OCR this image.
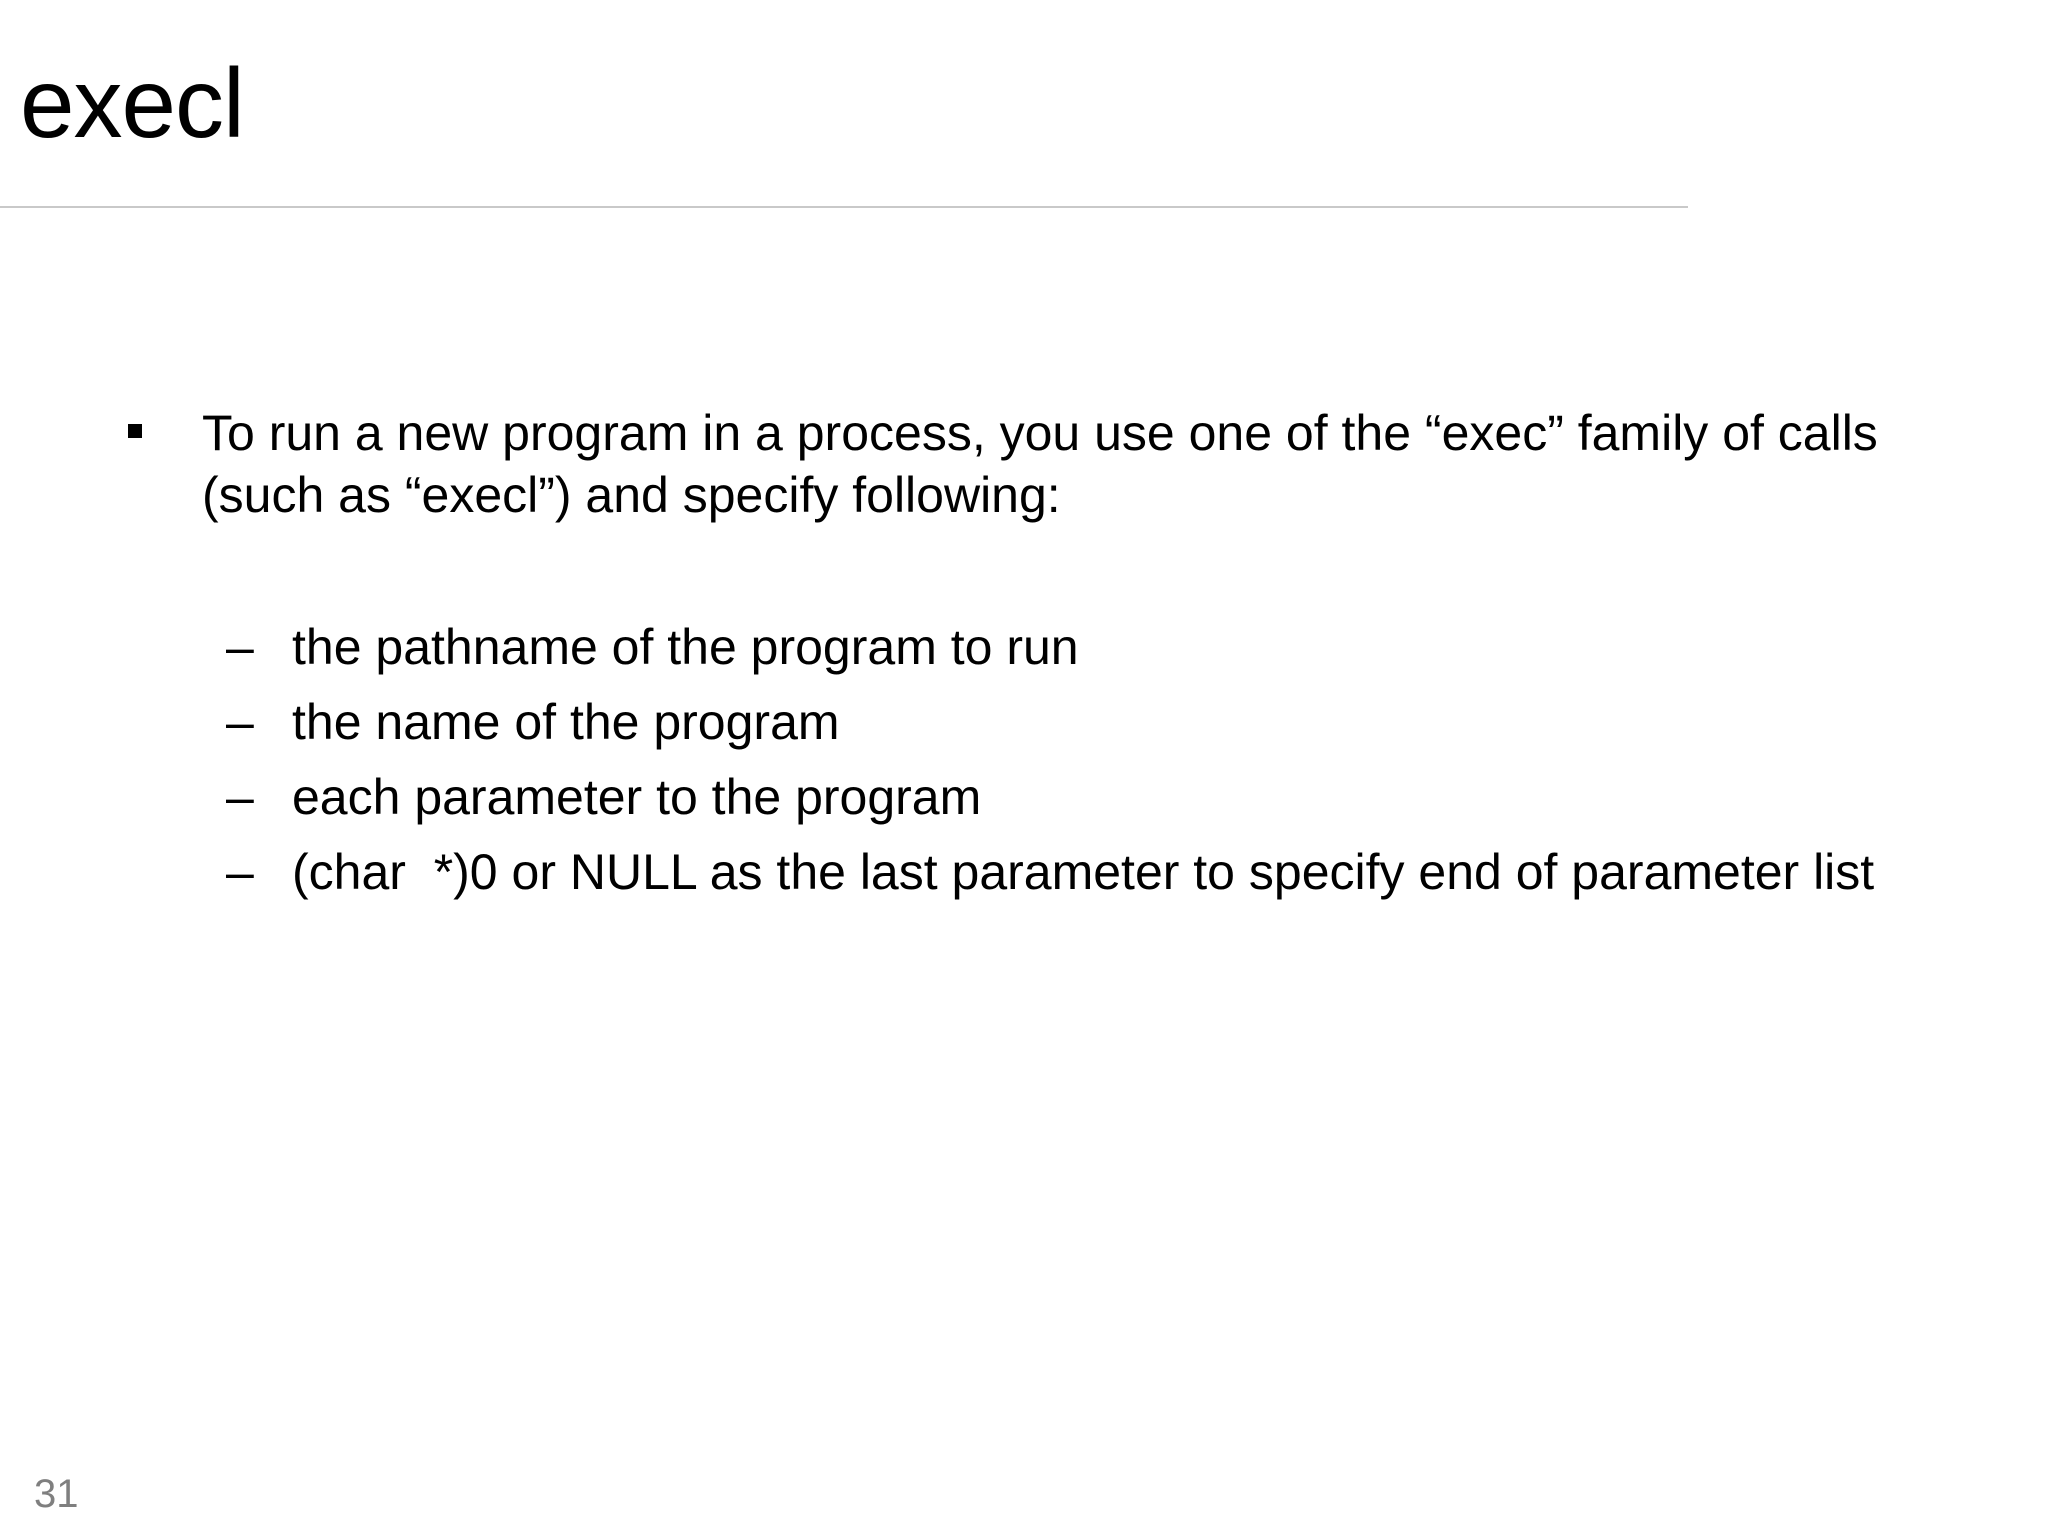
execl
To run a new program in a process, you use one of the “exec” family of calls (such as “execl”) and specify following:
– the pathname of the program to run
– the name of the program
– each parameter to the program
– (char  *)0 or NULL as the last parameter to specify end of parameter list
31
